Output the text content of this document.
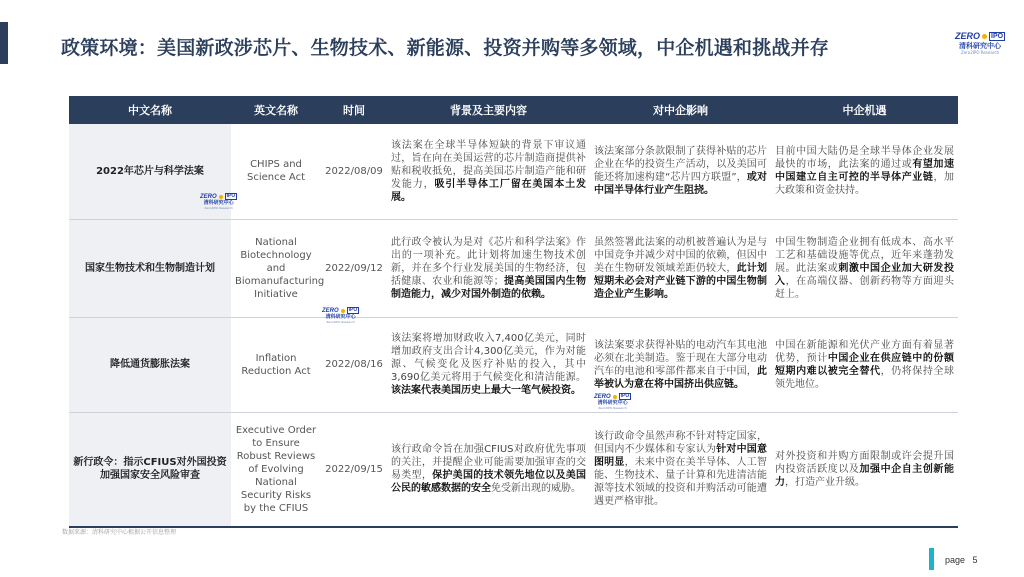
政策环境：美国新政涉芯片、生物技术、新能源、投资并购等多领域，中企机遇和挑战并存
ZERO IPO
清科研究中心
Zero2IPO Research
中文名称	英文名称	时间	背景及主要内容	对中企影响	中企机遇
2022年芯片与科学法案	CHIPS and Science Act	2022/08/09	该法案在全球半导体短缺的背景下审议通过，旨在向在美国运营的芯片制造商提供补贴和税收抵免，提高美国芯片制造产能和研发能力，吸引半导体工厂留在美国本土发展。	该法案部分条款限制了获得补贴的芯片企业在华的投资生产活动，以及美国可能还将加速构建“芯片四方联盟”，或对中国半导体行业产生阻挠。	目前中国大陆仍是全球半导体企业发展最快的市场，此法案的通过或有望加速中国建立自主可控的半导体产业链，加大政策和资金扶持。
国家生物技术和生物制造计划	National Biotechnology and Biomanufacturing Initiative	2022/09/12	此行政令被认为是对《芯片和科学法案》作出的一项补充。此计划将加速生物技术创新，并在多个行业发展美国的生物经济，包括健康、农业和能源等；提高美国国内生物制造能力，减少对国外制造的依赖。	虽然签署此法案的动机被普遍认为是与中国竞争并减少对中国的依赖，但因中美在生物研发领域差距仍较大，此计划短期未必会对产业链下游的中国生物制造企业产生影响。	中国生物制造企业拥有低成本、高水平工艺和基础设施等优点，近年来蓬勃发展。此法案或刺激中国企业加大研发投入，在高端仪器、创新药物等方面迎头赶上。
降低通货膨胀法案	Inflation Reduction Act	2022/08/16	该法案将增加财政收入7,400亿美元，同时增加政府支出合计4,300亿美元，作为对能源、气候变化及医疗补贴的投入，其中3,690亿美元将用于气候变化和清洁能源。该法案代表美国历史上最大一笔气候投资。	该法案要求获得补贴的电动汽车其电池必须在北美制造。鉴于现在大部分电动汽车的电池和零部件都来自于中国，此举被认为意在将中国挤出供应链。	中国在新能源和光伏产业方面有着显著优势，预计中国企业在供应链中的份额短期内难以被完全替代，仍将保持全球领先地位。
新行政令：指示CFIUS对外国投资加强国家安全风险审查	Executive Order to Ensure Robust Reviews of Evolving National Security Risks by the CFIUS	2022/09/15	该行政命令旨在加强CFIUS对政府优先事项的关注，并提醒企业可能需要加强审查的交易类型，保护美国的技术领先地位以及美国公民的敏感数据的安全免受新出现的威胁。	该行政命令虽然声称不针对特定国家，但国内不少媒体和专家认为针对中国意图明显，未来中资在美半导体、人工智能、生物技术、量子计算和先进清洁能源等技术领域的投资和并购活动可能遭遇更严格审批。	对外投资和并购方面限制或许会提升国内投资活跃度以及加强中企自主创新能力，打造产业升级。
ZERO	IPO
清科研究中心
Zero2IPO Research
ZERO	IPO
清科研究中心
Zero2IPO Research
ZERO	IPO
清科研究中心
Zero2IPO Research
数据来源：清科研究中心根据公开信息整理
page 5
